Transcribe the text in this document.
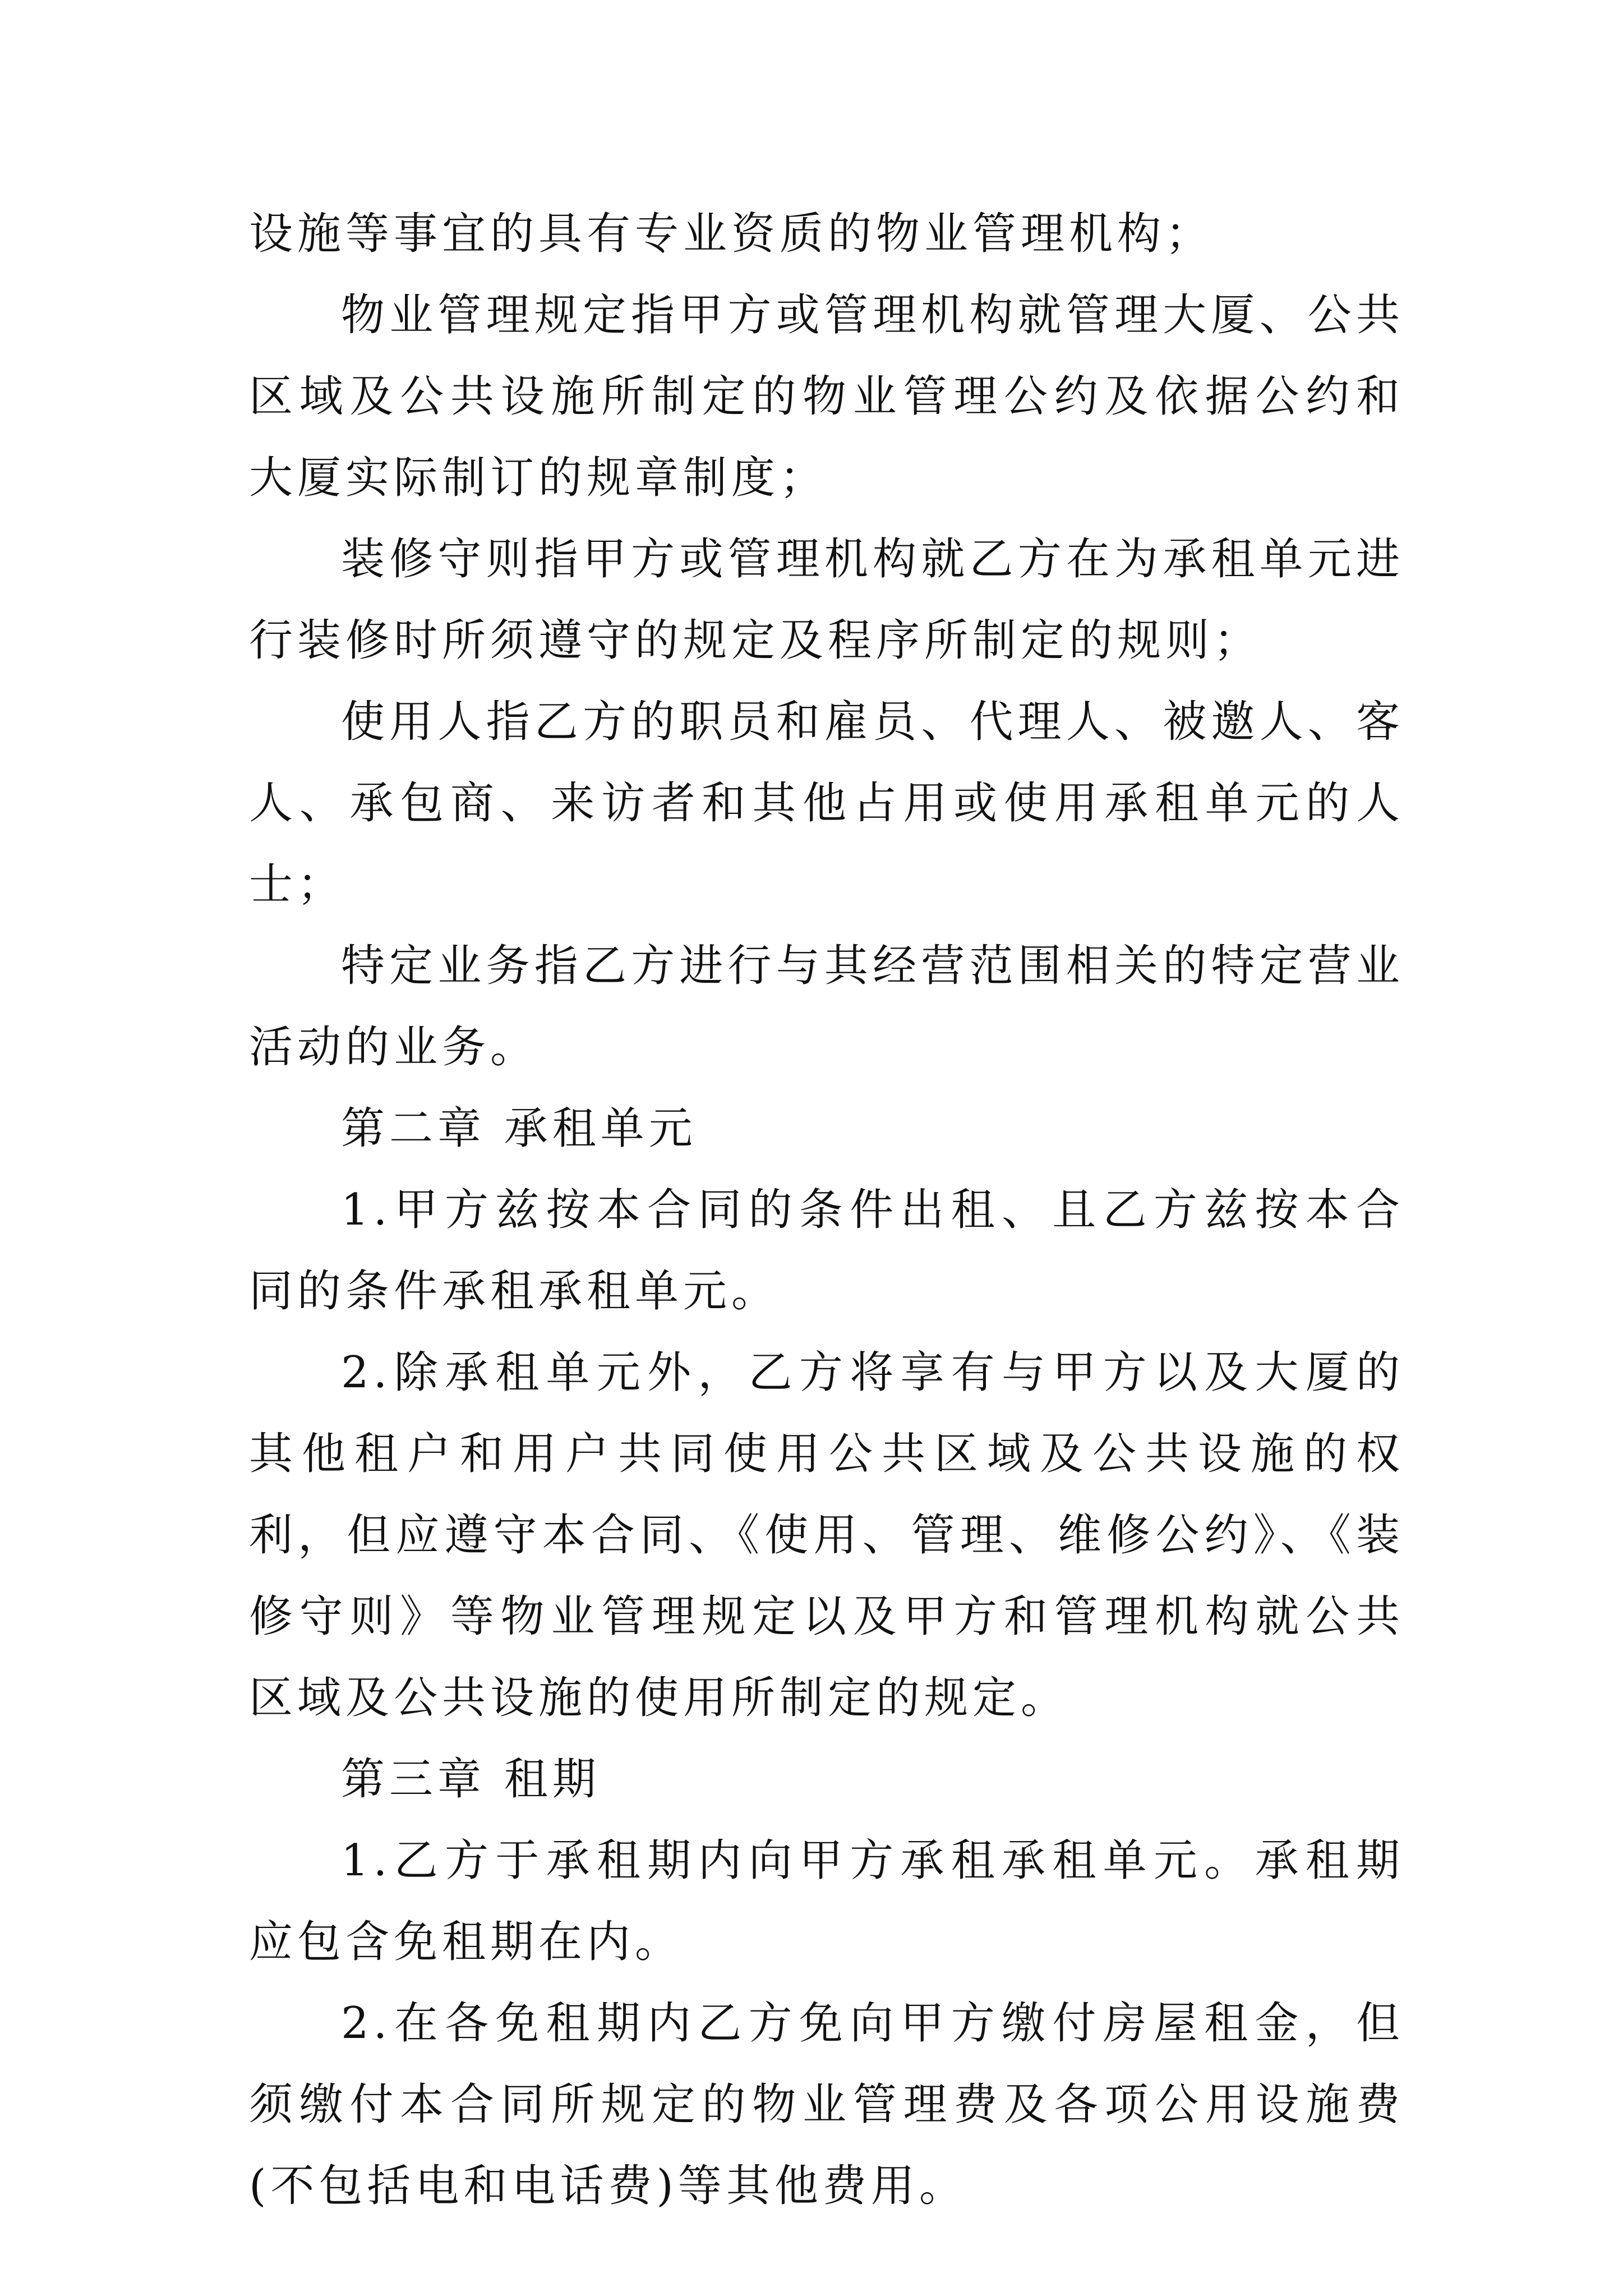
设施等事宜的具有专业资质的物业管理机构；

物业管理规定指甲方或管理机构就管理大厦、公共区域及公共设施所制定的物业管理公约及依据公约和大厦实际制订的规章制度；

装修守则指甲方或管理机构就乙方在为承租单元进行装修时所须遵守的规定及程序所制定的规则；

使用人指乙方的职员和雇员、代理人、被邀人、客人、承包商、来访者和其他占用或使用承租单元的人士；

特定业务指乙方进行与其经营范围相关的特定营业活动的业务。

第二章 承租单元

1.甲方兹按本合同的条件出租、且乙方兹按本合同的条件承租承租单元。

2.除承租单元外，乙方将享有与甲方以及大厦的其他租户和用户共同使用公共区域及公共设施的权利，但应遵守本合同、《使用、管理、维修公约》、《装修守则》等物业管理规定以及甲方和管理机构就公共区域及公共设施的使用所制定的规定。

第三章 租期

1.乙方于承租期内向甲方承租承租单元。承租期应包含免租期在内。

2.在各免租期内乙方免向甲方缴付房屋租金，但须缴付本合同所规定的物业管理费及各项公用设施费(不包括电和电话费)等其他费用。
